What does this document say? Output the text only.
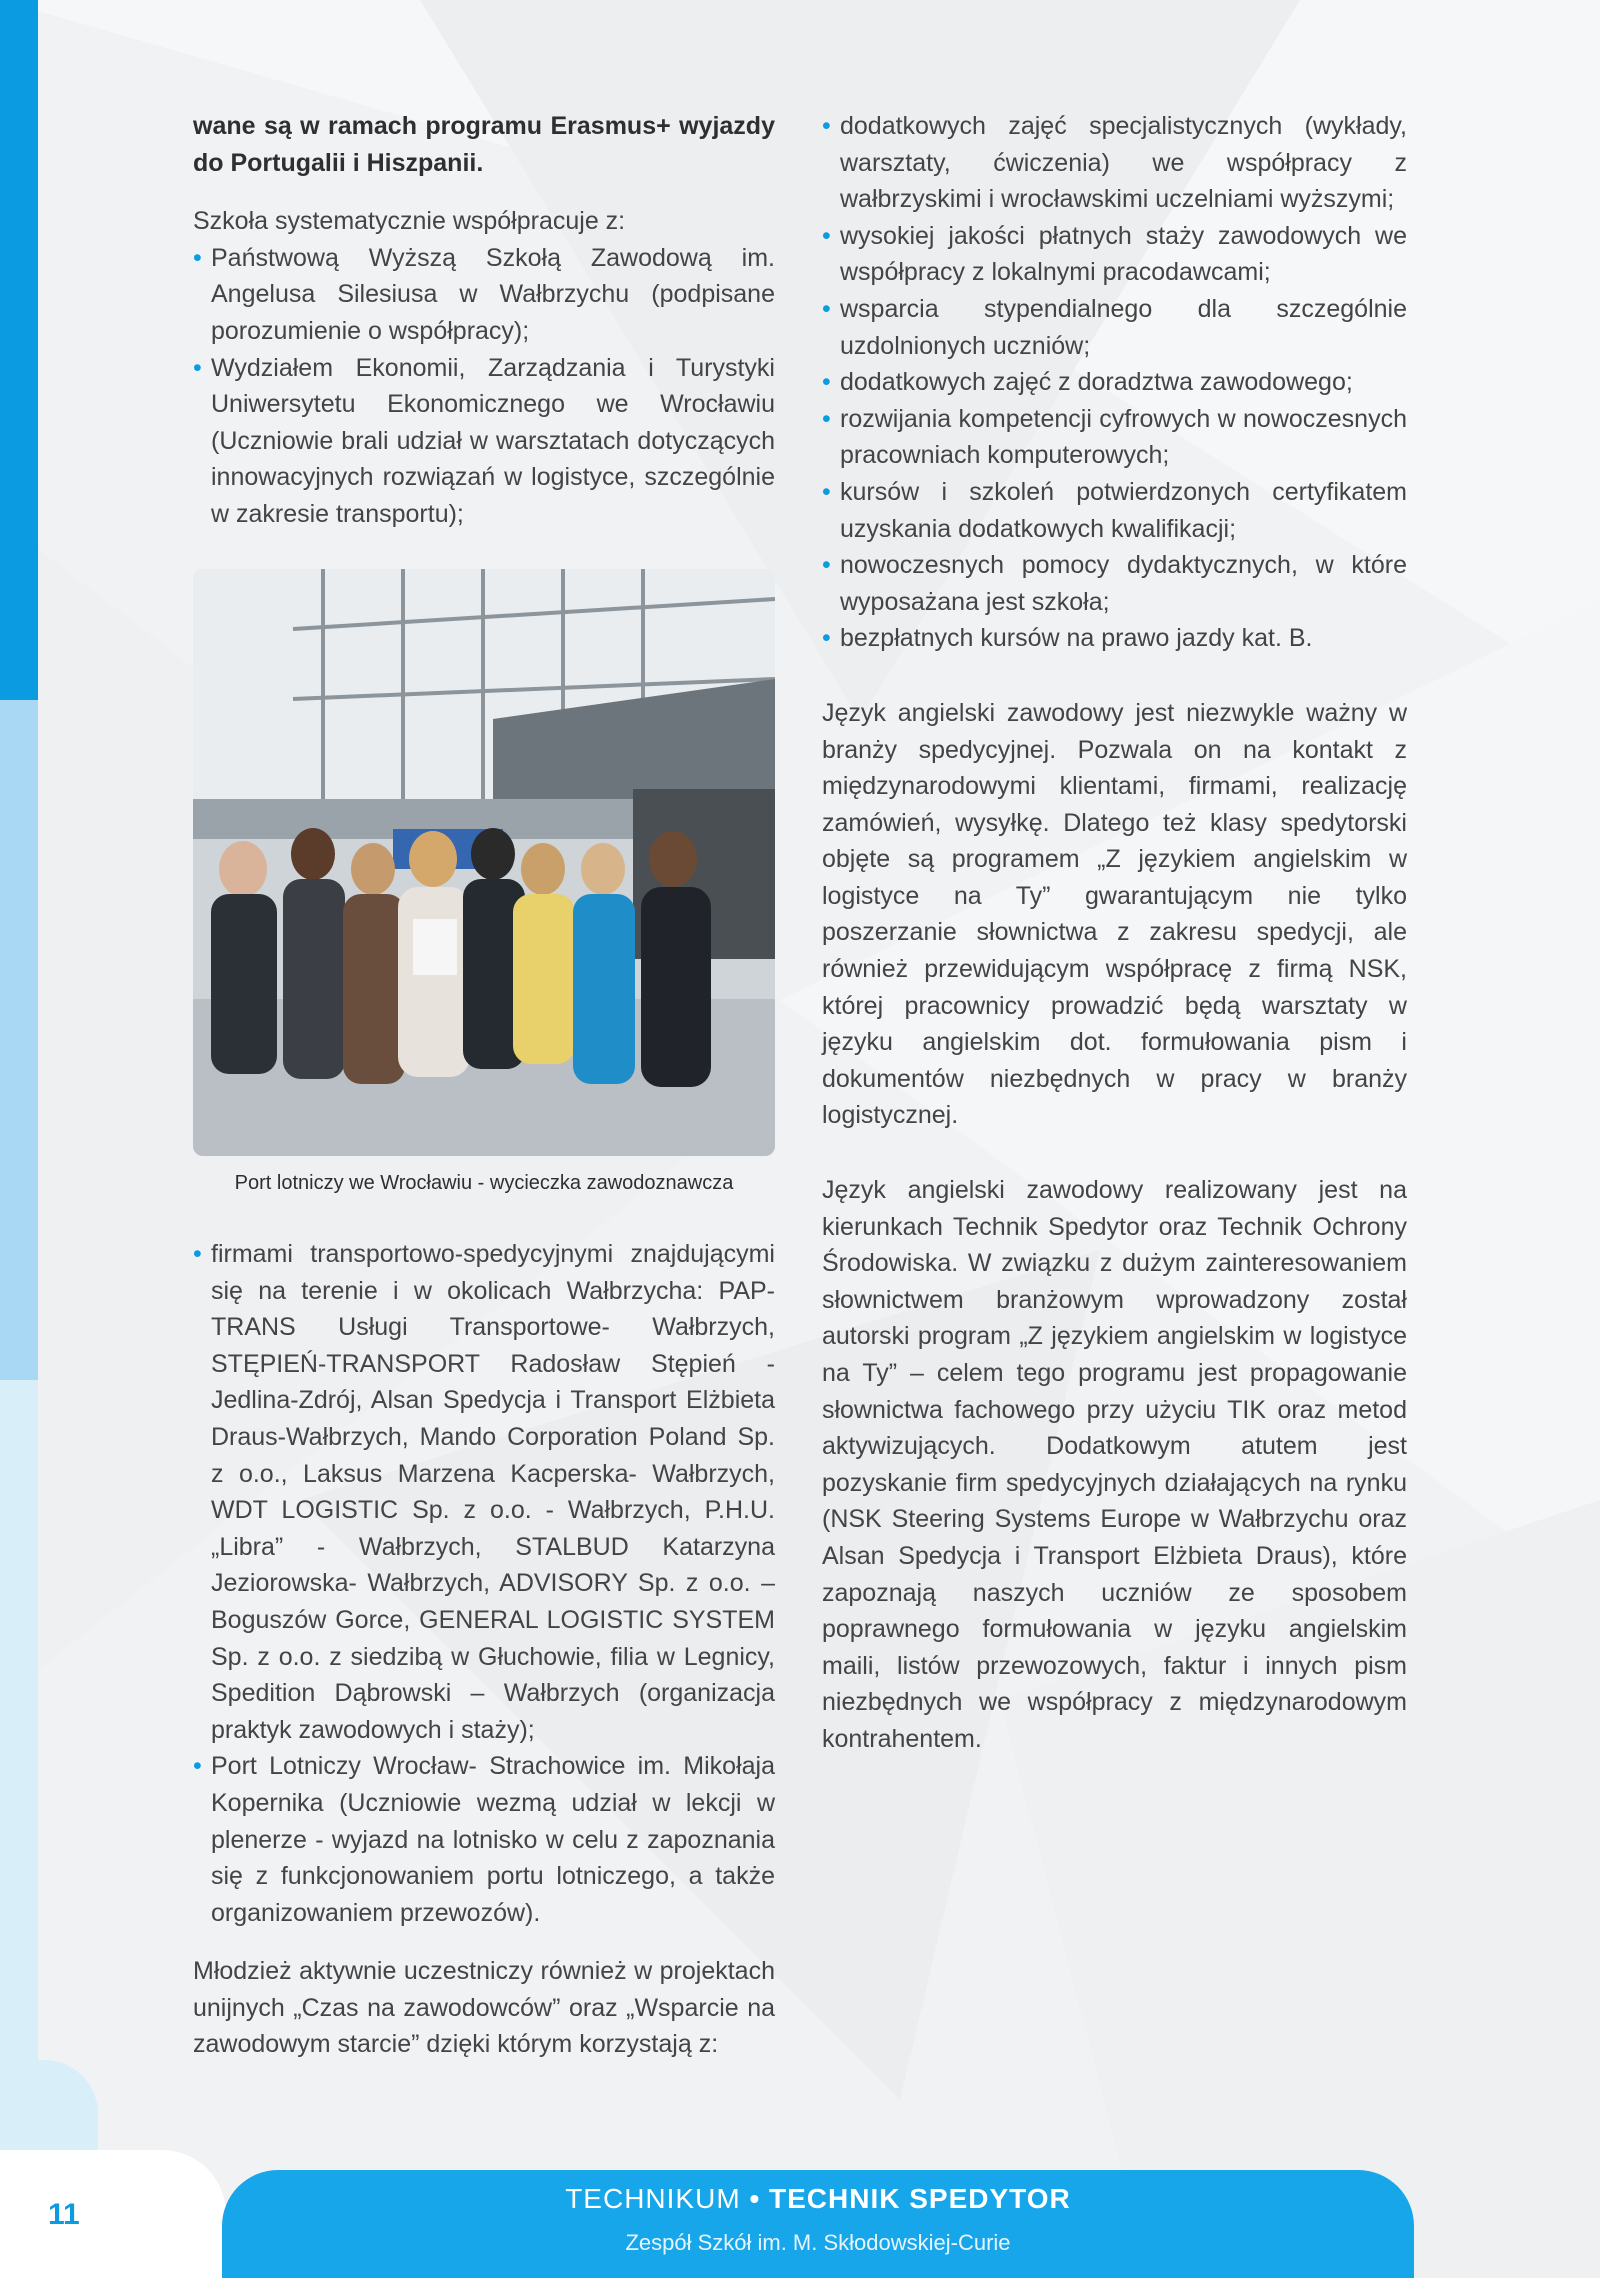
11

wane są w ramach programu Erasmus+ wyjazdy do Portugalii i Hiszpanii.

Szkoła systematycznie współpracuje z:

• Państwową Wyższą Szkołą Zawodową im. Angelusa Silesiusa w Wałbrzychu (podpisane porozumienie o współpracy);
• Wydziałem Ekonomii, Zarządzania i Turystyki Uniwersytetu Ekonomicznego we Wrocławiu (Uczniowie brali udział w warsztatach dotyczących innowacyjnych rozwiązań w logistyce, szczególnie w zakresie transportu);
Port lotniczy we Wrocławiu - wycieczka zawodoznawcza
• firmami transportowo-spedycyjnymi znajdującymi się na terenie i w okolicach Wałbrzycha: PAP-TRANS Usługi Transportowe- Wałbrzych, STĘPIEŃ-TRANSPORT Radosław Stępień - Jedlina-Zdrój, Alsan Spedycja i Transport Elżbieta Draus-Wałbrzych, Mando Corporation Poland Sp. z o.o., Laksus Marzena Kacperska- Wałbrzych, WDT LOGISTIC Sp. z o.o. - Wałbrzych, P.H.U. „Libra” - Wałbrzych, STALBUD Katarzyna Jeziorowska- Wałbrzych, ADVISORY Sp. z o.o. – Boguszów Gorce, GENERAL LOGISTIC SYSTEM Sp. z o.o. z siedzibą w Głuchowie, filia w Legnicy, Spedition Dąbrowski – Wałbrzych (organizacja praktyk zawodowych i staży);
• Port Lotniczy Wrocław- Strachowice im. Mikołaja Kopernika (Uczniowie wezmą udział w lekcji w plenerze - wyjazd na lotnisko w celu z zapoznania się z funkcjonowaniem portu lotniczego, a także organizowaniem przewozów).

Młodzież aktywnie uczestniczy również w projektach unijnych „Czas na zawodowców” oraz „Wsparcie na zawodowym starcie” dzięki którym korzystają z:

• dodatkowych zajęć specjalistycznych (wykłady, warsztaty, ćwiczenia) we współpracy z wałbrzyskimi i wrocławskimi uczelniami wyższymi;
• wysokiej jakości płatnych staży zawodowych we współpracy z lokalnymi pracodawcami;
• wsparcia stypendialnego dla szczególnie uzdolnionych uczniów;
• dodatkowych zajęć z doradztwa zawodowego;
• rozwijania kompetencji cyfrowych w nowoczesnych pracowniach komputerowych;
• kursów i szkoleń potwierdzonych certyfikatem uzyskania dodatkowych kwalifikacji;
• nowoczesnych pomocy dydaktycznych, w które wyposażana jest szkoła;
• bezpłatnych kursów na prawo jazdy kat. B.

Język angielski zawodowy jest niezwykle ważny w branży spedycyjnej. Pozwala on na kontakt z międzynarodowymi klientami, firmami, realizację zamówień, wysyłkę. Dlatego też klasy spedytorski objęte są programem „Z językiem angielskim w logistyce na Ty” gwarantującym nie tylko poszerzanie słownictwa z zakresu spedycji, ale również przewidującym współpracę z firmą NSK, której pracownicy prowadzić będą warsztaty w języku angielskim dot. formułowania pism i dokumentów niezbędnych w pracy w branży logistycznej.

Język angielski zawodowy realizowany jest na kierunkach Technik Spedytor oraz Technik Ochrony Środowiska. W związku z dużym zainteresowaniem słownictwem branżowym wprowadzony został autorski program „Z językiem angielskim w logistyce na Ty” – celem tego programu jest propagowanie słownictwa fachowego przy użyciu TIK oraz metod aktywizujących. Dodatkowym atutem jest pozyskanie firm spedycyjnych działających na rynku (NSK Steering Systems Europe w Wałbrzychu oraz Alsan Spedycja i Transport Elżbieta Draus), które zapoznają naszych uczniów ze sposobem poprawnego formułowania w języku angielskim maili, listów przewozowych, faktur i innych pism niezbędnych we współpracy z międzynarodowym kontrahentem.

TECHNIKUM • TECHNIK SPEDYTOR
Zespół Szkół im. M. Skłodowskiej-Curie
